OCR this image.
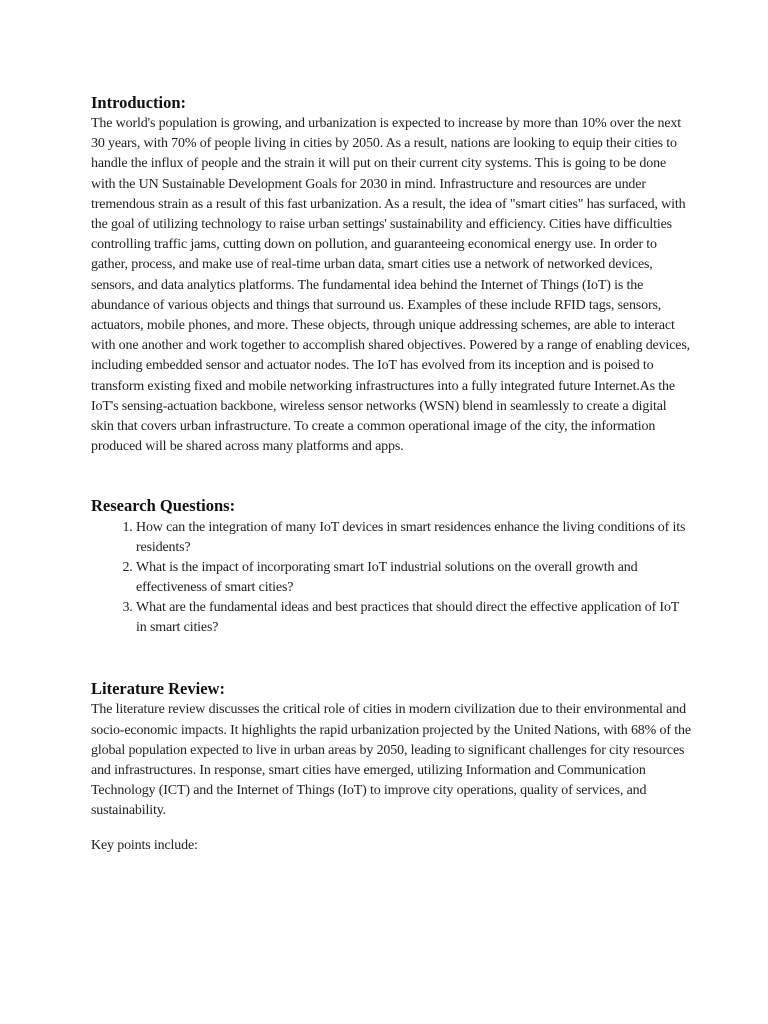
Introduction:

The world's population is growing, and urbanization is expected to increase by more than 10% over the next 30 years, with 70% of people living in cities by 2050. As a result, nations are looking to equip their cities to handle the influx of people and the strain it will put on their current city systems. This is going to be done with the UN Sustainable Development Goals for 2030 in mind. Infrastructure and resources are under tremendous strain as a result of this fast urbanization. As a result, the idea of "smart cities" has surfaced, with the goal of utilizing technology to raise urban settings' sustainability and efficiency. Cities have difficulties controlling traffic jams, cutting down on pollution, and guaranteeing economical energy use. In order to gather, process, and make use of real-time urban data, smart cities use a network of networked devices, sensors, and data analytics platforms. The fundamental idea behind the Internet of Things (IoT) is the abundance of various objects and things that surround us. Examples of these include RFID tags, sensors, actuators, mobile phones, and more. These objects, through unique addressing schemes, are able to interact with one another and work together to accomplish shared objectives. Powered by a range of enabling devices, including embedded sensor and actuator nodes. The IoT has evolved from its inception and is poised to transform existing fixed and mobile networking infrastructures into a fully integrated future Internet.As the IoT's sensing-actuation backbone, wireless sensor networks (WSN) blend in seamlessly to create a digital skin that covers urban infrastructure. To create a common operational image of the city, the information produced will be shared across many platforms and apps.

Research Questions:
1. How can the integration of many IoT devices in smart residences enhance the living conditions of its residents?
2. What is the impact of incorporating smart IoT industrial solutions on the overall growth and effectiveness of smart cities?
3. What are the fundamental ideas and best practices that should direct the effective application of IoT in smart cities?
Literature Review:

The literature review discusses the critical role of cities in modern civilization due to their environmental and socio-economic impacts. It highlights the rapid urbanization projected by the United Nations, with 68% of the global population expected to live in urban areas by 2050, leading to significant challenges for city resources and infrastructures. In response, smart cities have emerged, utilizing Information and Communication Technology (ICT) and the Internet of Things (IoT) to improve city operations, quality of services, and sustainability.

Key points include:
